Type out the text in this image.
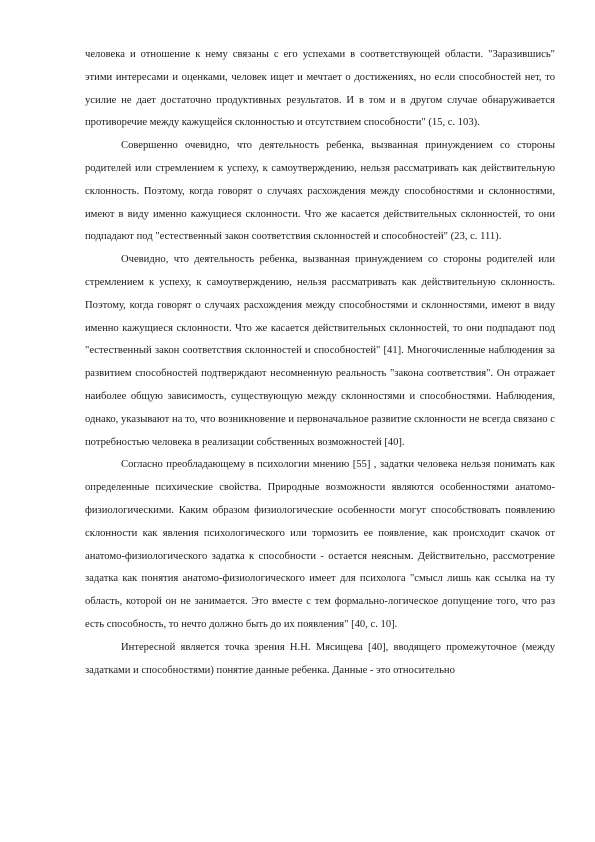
человека и отношение к нему связаны с его успехами в соответствующей области. "Заразившись" этими интересами и оценками, человек ищет и мечтает о достижениях, но если способностей нет, то усилие не дает достаточно продуктивных результатов. И в том и в другом случае обнаруживается противоречие между кажущейся склонностью и отсутствием способности" (15, с. 103).

Совершенно очевидно, что деятельность ребенка, вызванная принуждением со стороны родителей или стремлением к успеху, к самоутверждению, нельзя рассматривать как действительную склонность. Поэтому, когда говорят о случаях расхождения между способностями и склонностями, имеют в виду именно кажущиеся склонности. Что же касается действительных склонностей, то они подпадают под "естественный закон соответствия склонностей и способностей" (23, с. 111).

Очевидно, что деятельность ребенка, вызванная принуждением со стороны родителей или стремлением к успеху, к самоутверждению, нельзя рассматривать как действительную склонность. Поэтому, когда говорят о случаях расхождения между способностями и склонностями, имеют в виду именно кажущиеся склонности. Что же касается действительных склонностей, то они подпадают под "естественный закон соответствия склонностей и способностей" [41]. Многочисленные наблюдения за развитием способностей подтверждают несомненную реальность "закона соответствия". Он отражает наиболее общую зависимость, существующую между склонностями и способностями. Наблюдения, однако, указывают на то, что возникновение и первоначальное развитие склонности не всегда связано с потребностью человека в реализации собственных возможностей [40].

Согласно преобладающему в психологии мнению [55] , задатки человека нельзя понимать как определенные психические свойства. Природные возможности являются особенностями анатомо-физиологическими. Каким образом физиологические особенности могут способствовать появлению склонности как явления психологического или тормозить ее появление, как происходит скачок от анатомо-физиологического задатка к способности - остается неясным. Действительно, рассмотрение задатка как понятия анатомо-физиологического имеет для психолога "смысл лишь как ссылка на ту область, которой он не занимается. Это вместе с тем формально-логическое допущение того, что раз есть способность, то нечто должно быть до их появления" [40, с. 10].

Интересной является точка зрения Н.Н. Мясищева [40], вводящего промежуточное (между задатками и способностями) понятие данные ребенка. Данные - это относительно
